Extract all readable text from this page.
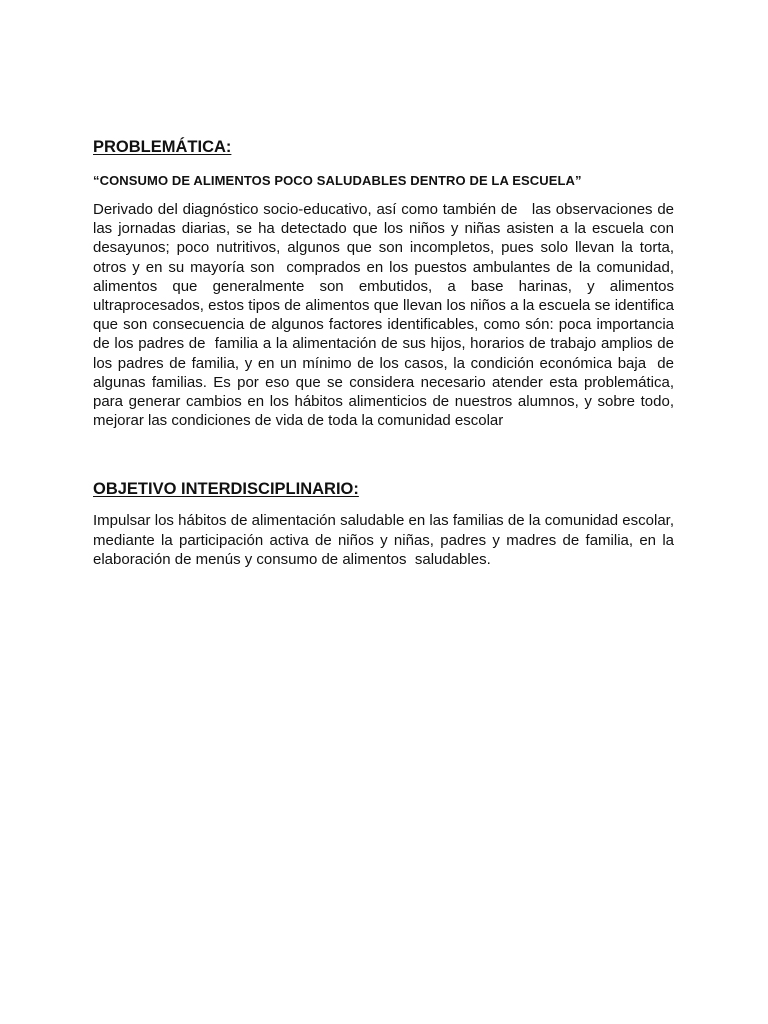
PROBLEMÁTICA:

“CONSUMO DE ALIMENTOS POCO SALUDABLES DENTRO DE LA ESCUELA”

Derivado del diagnóstico socio-educativo, así como también de   las observaciones de las jornadas diarias, se ha detectado que los niños y niñas asisten a la escuela con desayunos; poco nutritivos, algunos que son incompletos, pues solo llevan la torta,  otros y en su mayoría son  comprados en los puestos ambulantes de la comunidad, alimentos que generalmente son embutidos, a base harinas, y alimentos ultraprocesados, estos tipos de alimentos que llevan los niños a la escuela se identifica que son consecuencia de algunos factores identificables, como són: poca importancia de los padres de  familia a la alimentación de sus hijos, horarios de trabajo amplios de los padres de familia, y en un mínimo de los casos, la condición económica baja  de algunas familias. Es por eso que se considera necesario atender esta problemática, para generar cambios en los hábitos alimenticios de nuestros alumnos, y sobre todo,  mejorar las condiciones de vida de toda la comunidad escolar

OBJETIVO INTERDISCIPLINARIO:

Impulsar los hábitos de alimentación saludable en las familias de la comunidad escolar, mediante la participación activa de niños y niñas, padres y madres de familia, en la elaboración de menús y consumo de alimentos  saludables.
